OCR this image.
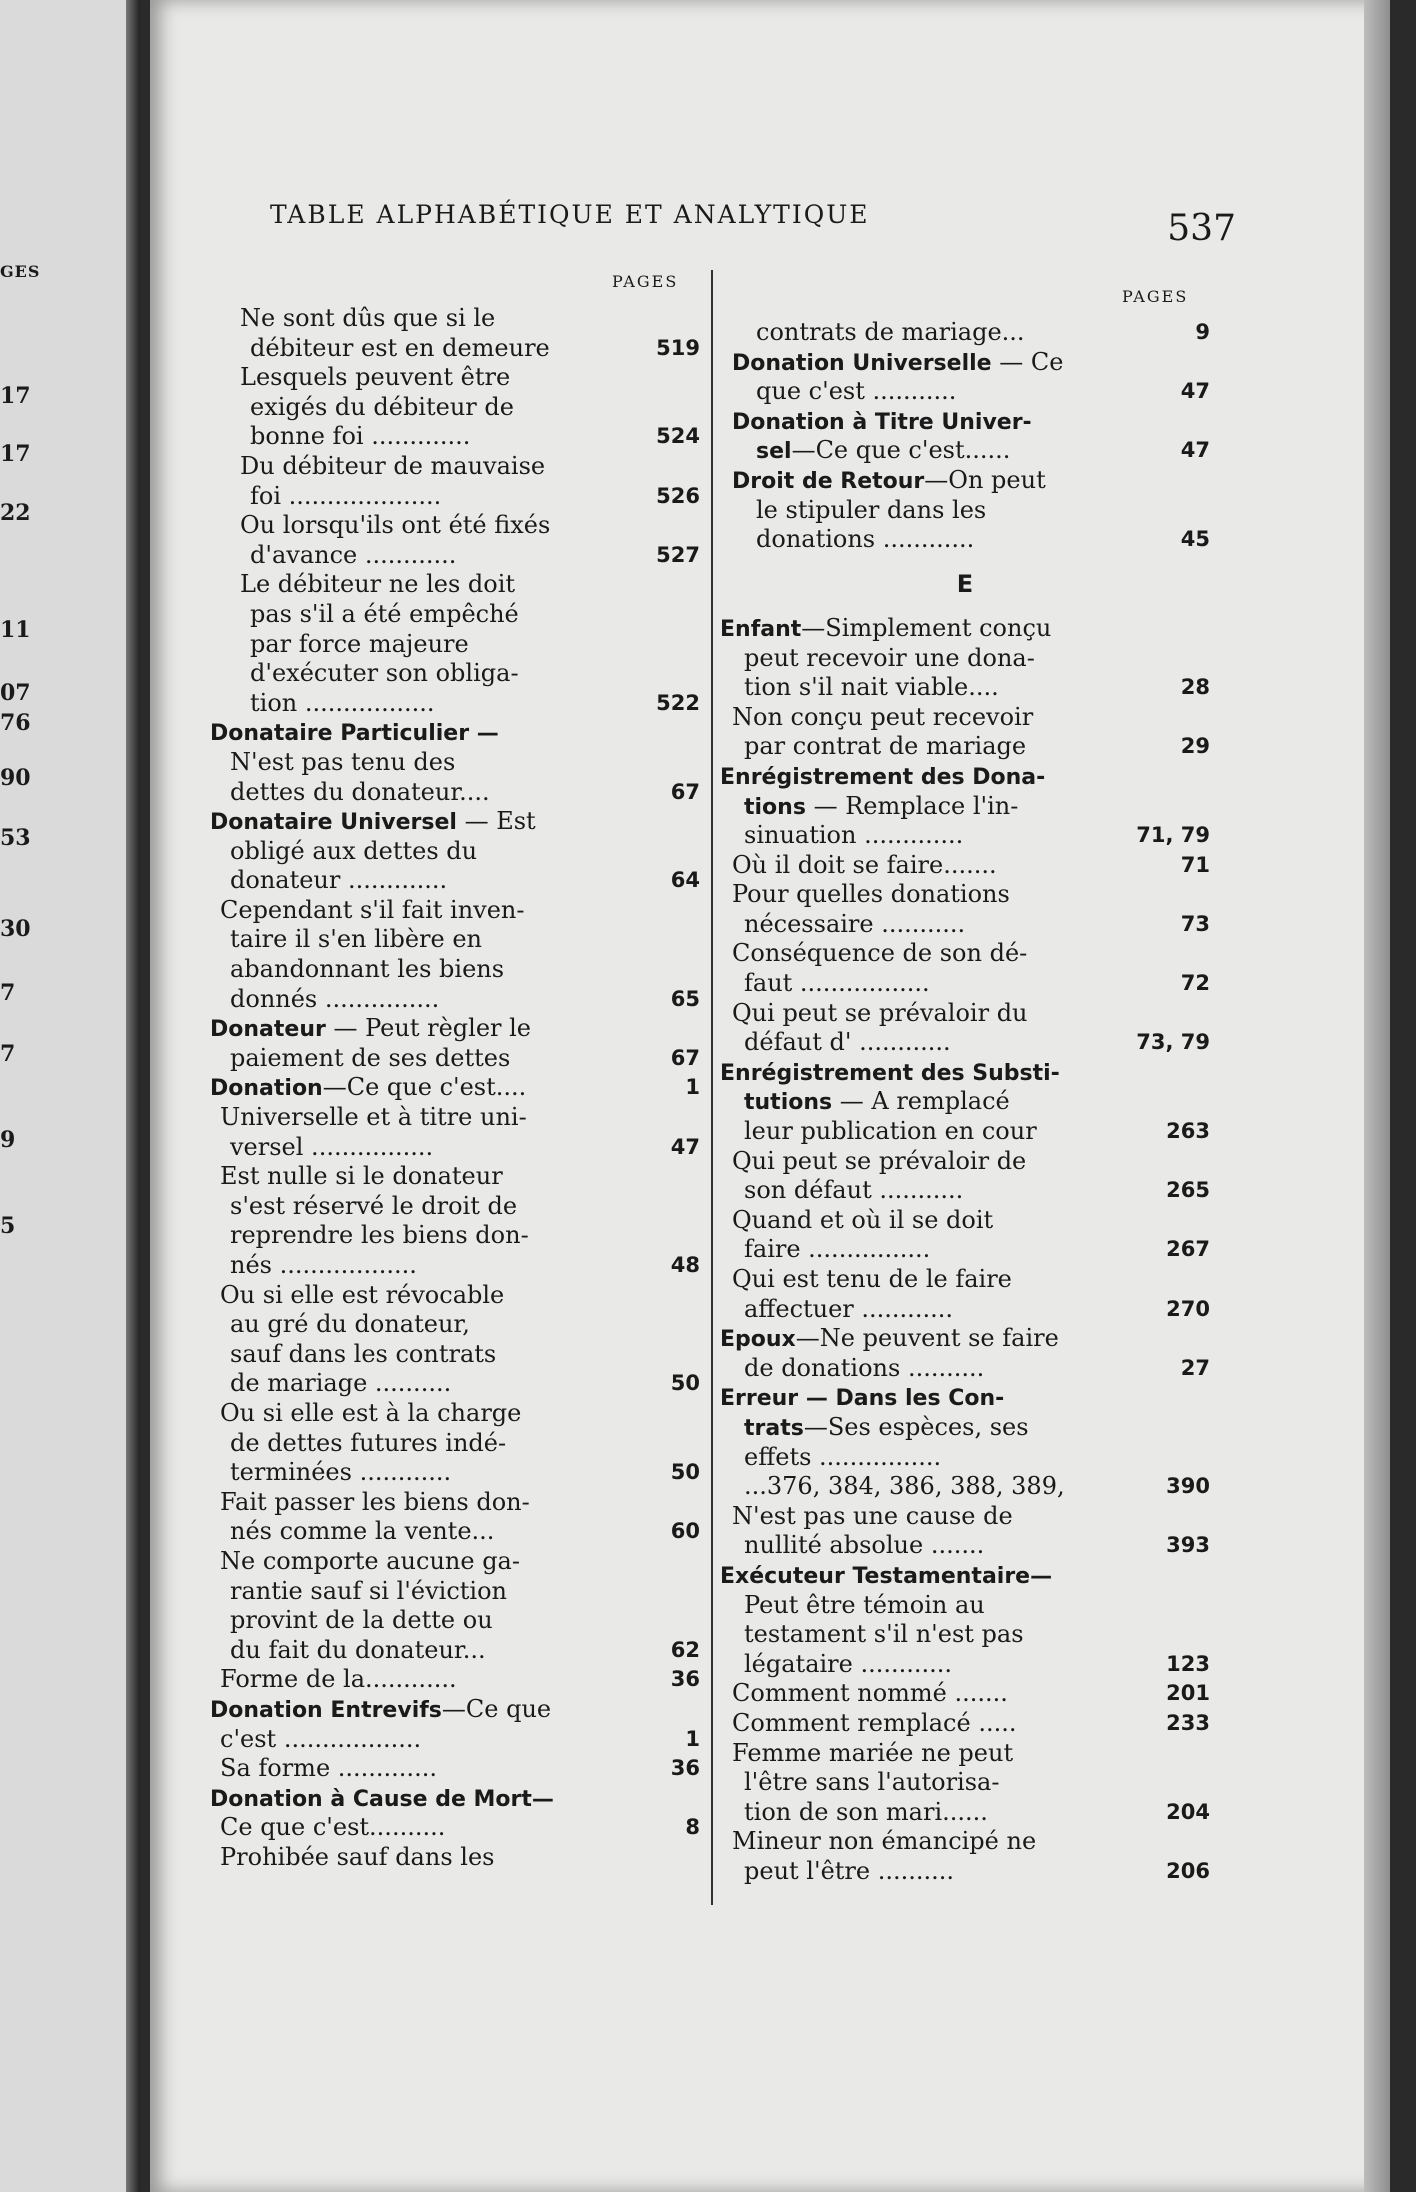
GES
17
17
22
11
07
76
90
53
30
7
7
9
5
TABLE ALPHABÉTIQUE ET ANALYTIQUE	537
PAGES
PAGES
Ne sont dûs que si le
débiteur est en demeure	519
Lesquels peuvent être
exigés du débiteur de
bonne foi .............	524
Du débiteur de mauvaise
foi ....................	526
Ou lorsqu'ils ont été fixés
d'avance ............	527
Le débiteur ne les doit
pas s'il a été empêché
par force majeure
d'exécuter son obliga-
tion .................	522
Donataire Particulier —
N'est pas tenu des
dettes du donateur....	67
Donataire Universel — Est
obligé aux dettes du
donateur .............	64
Cependant s'il fait inven-
taire il s'en libère en
abandonnant les biens
donnés ...............	65
Donateur — Peut règler le
paiement de ses dettes	67
Donation—Ce que c'est....	1
Universelle et à titre uni-
versel ................	47
Est nulle si le donateur
s'est réservé le droit de
reprendre les biens don-
nés ..................	48
Ou si elle est révocable
au gré du donateur,
sauf dans les contrats
de mariage ..........	50
Ou si elle est à la charge
de dettes futures indé-
terminées ............	50
Fait passer les biens don-
nés comme la vente...	60
Ne comporte aucune ga-
rantie sauf si l'éviction
provint de la dette ou
du fait du donateur...	62
Forme de la............	36
Donation Entrevifs—Ce que
c'est ..................	1
Sa forme .............	36
Donation à Cause de Mort—
Ce que c'est..........	8
Prohibée sauf dans les
contrats de mariage...	9
Donation Universelle — Ce
que c'est ...........	47
Donation à Titre Univer-
sel—Ce que c'est......	47
Droit de Retour—On peut
le stipuler dans les
donations ............	45
E
Enfant—Simplement conçu
peut recevoir une dona-
tion s'il nait viable....	28
Non conçu peut recevoir
par contrat de mariage	29
Enrégistrement des Dona-
tions — Remplace l'in-
sinuation .............	71, 79
Où il doit se faire.......	71
Pour quelles donations
nécessaire ...........	73
Conséquence de son dé-
faut .................	72
Qui peut se prévaloir du
défaut d' ............	73, 79
Enrégistrement des Substi-
tutions — A remplacé
leur publication en cour	263
Qui peut se prévaloir de
son défaut ...........	265
Quand et où il se doit
faire ................	267
Qui est tenu de le faire
affectuer ............	270
Epoux—Ne peuvent se faire
de donations ..........	27
Erreur — Dans les Con-
trats—Ses espèces, ses
effets ................
...376, 384, 386, 388, 389,	390
N'est pas une cause de
nullité absolue .......	393
Exécuteur Testamentaire—
Peut être témoin au
testament s'il n'est pas
légataire ............	123
Comment nommé .......	201
Comment remplacé .....	233
Femme mariée ne peut
l'être sans l'autorisa-
tion de son mari......	204
Mineur non émancipé ne
peut l'être ..........	206
